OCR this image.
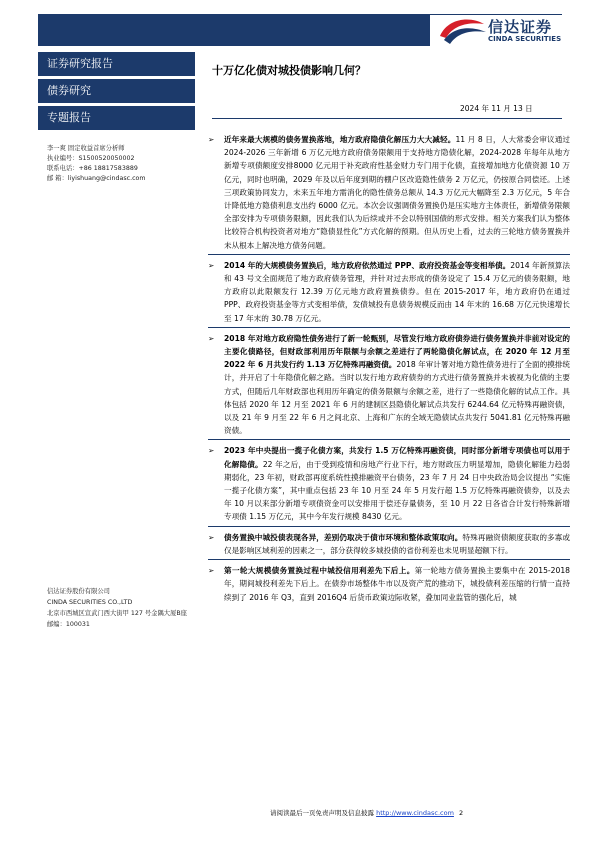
信达证券
CINDA SECURITIES
证券研究报告
债券研究
专题报告
李一爽 固定收益首席分析师
执业编号：S1500520050002
联系电话：+86 18817583889
邮 箱：liyishuang@cindasc.com
信达证券股份有限公司
CINDA SECURITIES CO.,LTD
北京市西城区宣武门西大街甲 127 号金隅大厦B座
邮编：100031
十万亿化债对城投债影响几何？
2024 年 11 月 13 日
➢ 近年来最大规模的债务置换落地，地方政府隐债化解压力大大减轻。11 月 8 日，人大常委会审议通过 2024-2026 三年新增 6 万亿元地方政府债务限额用于支持地方隐债化解，2024-2028 年每年从地方新增专项债额度安排8000 亿元用于补充政府性基金财力专门用于化债，直接增加地方化债资源 10 万亿元，同时也明确，2029 年及以后年度到期的棚户区改造隐性债务 2 万亿元，仍按原合同偿还。上述三项政策协同发力，未来五年地方需消化的隐性债务总额从 14.3 万亿元大幅降至 2.3 万亿元，5 年合计降低地方隐债利息支出约 6000 亿元。本次会议强调债务置换仍是压实地方主体责任，新增债务限额全部安排为专项债务限额，因此我们认为后续或并不会以特别国债的形式安排。相关方案我们认为整体比较符合机构投资者对地方“隐债显性化”方式化解的预期。但从历史上看，过去的三轮地方债务置换并未从根本上解决地方债务问题。
➢ 2014 年的大规模债务置换后，地方政府依然通过 PPP、政府投资基金等变相举债。2014 年新预算法和 43 号文全面规范了地方政府债务管理，并针对过去形成的债务设定了 15.4 万亿元的债务限额，地方政府以此限额发行 12.39 万亿元地方政府置换债券。但在 2015-2017 年，地方政府仍在通过 PPP、政府投资基金等方式变相举债，发债城投有息债务规模反而由 14 年末的 16.68 万亿元快速增长至 17 年末的 30.78 万亿元。
➢ 2018 年对地方政府隐性债务进行了新一轮甄别，尽管发行地方政府债券进行债务置换并非前对设定的主要化债路径，但财政部利用历年限额与余额之差进行了两轮隐债化解试点，在 2020 年 12 月至 2022 年 6 月共发行约 1.13 万亿特殊再融资债。2018 年审计署对地方隐性债务进行了全面的摸排统计，并开启了十年隐债化解之路。当时以发行地方政府债券的方式进行债务置换并未被视为化债的主要方式，但随后几年财政部也利用历年确定的债务限额与余额之差，进行了一些隐债化解的试点工作。具体包括 2020 年 12 月至 2021 年 6 月的建制区县隐债化解试点共发行 6244.64 亿元特殊再融资债，以及 21 年 9 月至 22 年 6 月之间北京、上海和广东的全域无隐债试点共发行 5041.81 亿元特殊再融资债。
➢ 2023 年中央提出一揽子化债方案，共发行 1.5 万亿特殊再融资债，同时部分新增专项债也可以用于化解隐债。22 年之后，由于受到疫情和房地产行业下行，地方财政压力明显增加，隐债化解能力趋弱期弱化，23 年初，财政部再度系统性摸排融资平台债务，23 年 7 月 24 日中央政治局会议提出 “实施一揽子化债方案”，其中重点包括 23 年 10 月至 24 年 5 月发行超 1.5 万亿特殊再融资债券，以及去年 10 月以来部分新增专项债资金可以安排用于偿还存量债务，至 10 月 22 日各省合计发行特殊新增专项债 1.15 万亿元，其中今年发行规模 8430 亿元。
➢ 债务置换中城投债表现各异，差别仍取决于债市环境和整体政策取向。特殊再融资债额度获取的多寡或仅是影响区域利差的因素之一，部分获得较多城投债的省份利差也未见明显超额下行。
➢ 第一轮大规模债务置换过程中城投信用利差先下后上。第一轮地方债务置换主要集中在 2015-2018 年，期间城投利差先下后上。在债券市场整体牛市以及资产荒的推动下，城投债利差压缩的行情一直持续到了 2016 年 Q3，直到 2016Q4 后货币政策边际收紧，叠加同业监管的强化后，城
请阅读最后一页免责声明及信息披露 http://www.cindasc.com 2
